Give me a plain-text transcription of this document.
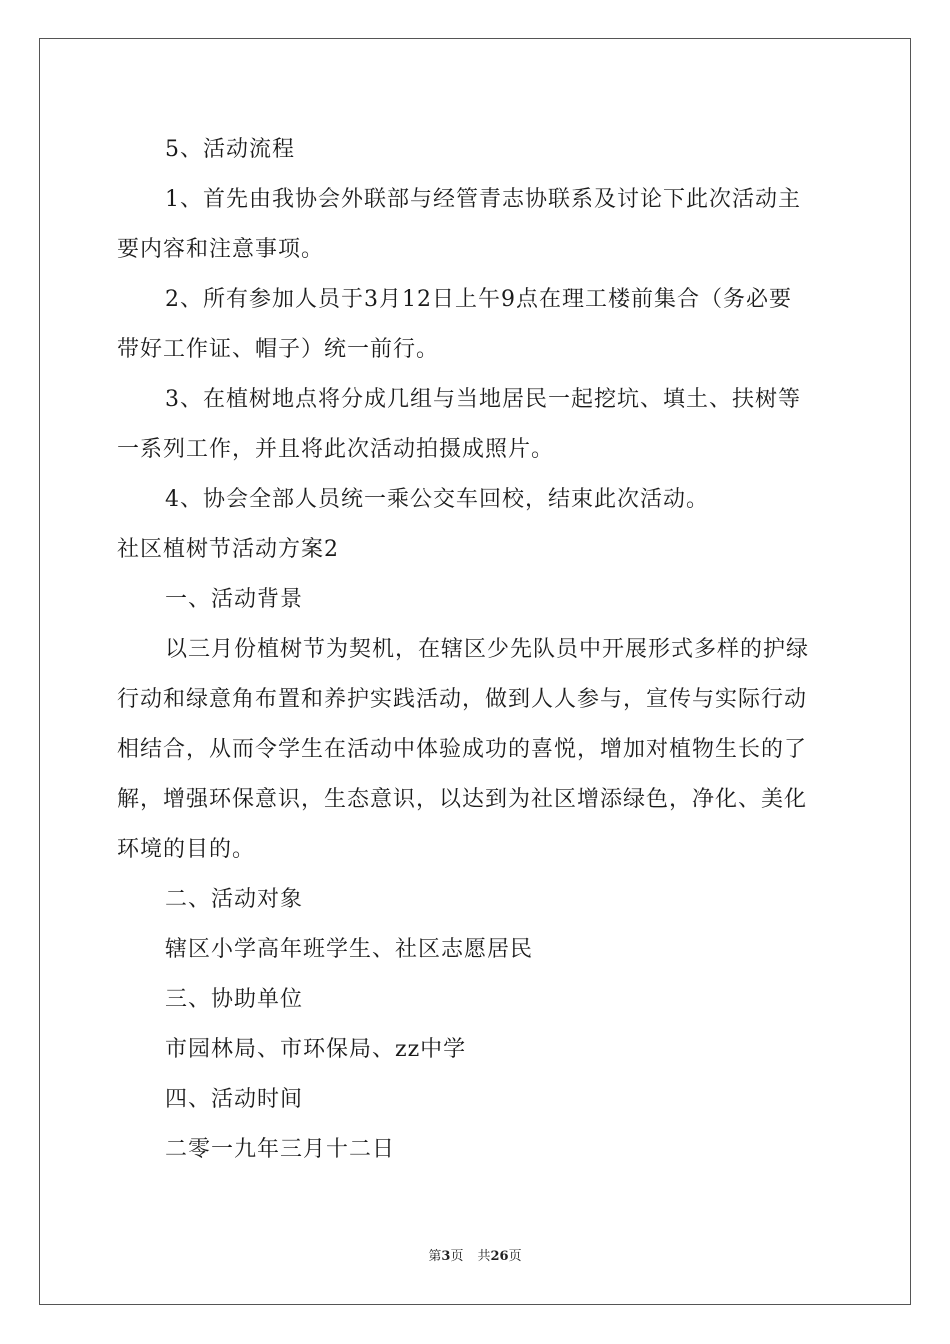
5、活动流程
1、首先由我协会外联部与经管青志协联系及讨论下此次活动主
要内容和注意事项。
2、所有参加人员于3月12日上午9点在理工楼前集合（务必要
带好工作证、帽子）统一前行。
3、在植树地点将分成几组与当地居民一起挖坑、填土、扶树等
一系列工作，并且将此次活动拍摄成照片。
4、协会全部人员统一乘公交车回校，结束此次活动。
社区植树节活动方案2
一、活动背景
以三月份植树节为契机，在辖区少先队员中开展形式多样的护绿
行动和绿意角布置和养护实践活动，做到人人参与，宣传与实际行动
相结合，从而令学生在活动中体验成功的喜悦，增加对植物生长的了
解，增强环保意识，生态意识，以达到为社区增添绿色，净化、美化
环境的目的。
二、活动对象
辖区小学高年班学生、社区志愿居民
三、协助单位
市园林局、市环保局、zz中学
四、活动时间
二零一九年三月十二日
第3页 共26页
